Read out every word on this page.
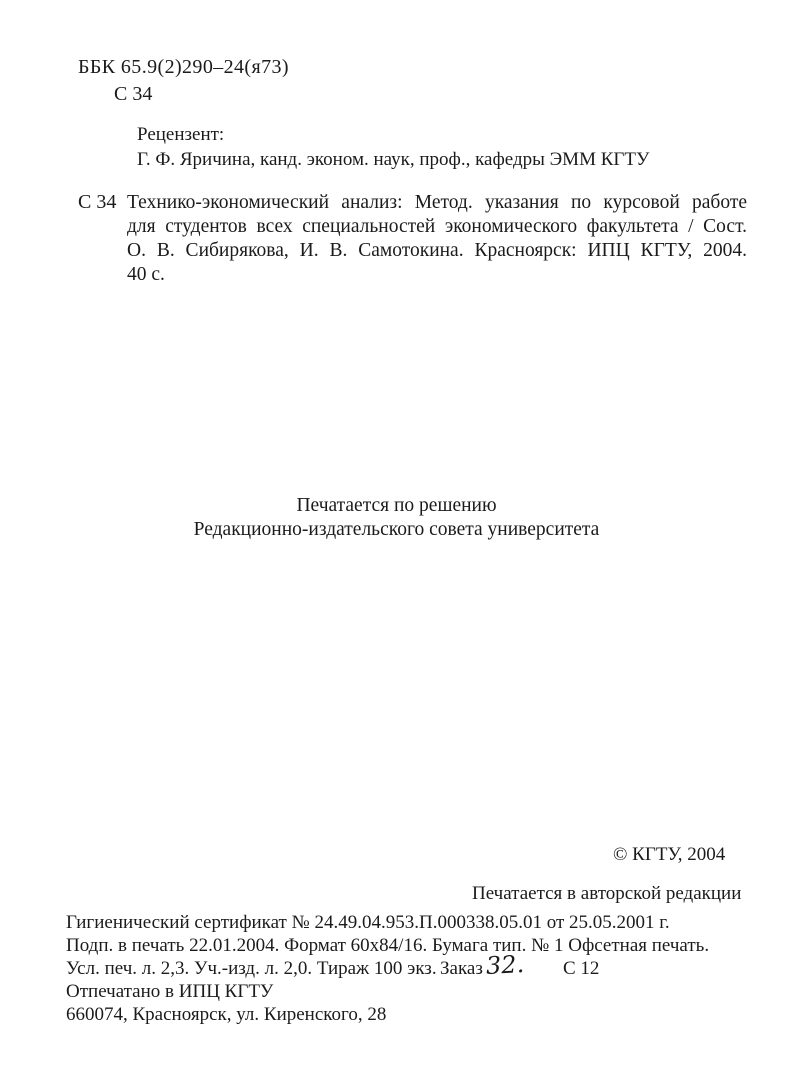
ББК 65.9(2)290–24(я73)
С 34
Рецензент:
Г. Ф. Яричина, канд. эконом. наук, проф., кафедры ЭММ КГТУ
С 34 Технико-экономический анализ: Метод. указания по курсовой работе
для студентов всех специальностей экономического факультета / Сост.
О. В. Сибирякова, И. В. Самотокина. Красноярск: ИПЦ КГТУ, 2004.
40 с.
Печатается по решению
Редакционно-издательского совета университета
© КГТУ, 2004
Печатается в авторской редакции
Гигиенический сертификат № 24.49.04.953.П.000338.05.01 от 25.05.2001 г.
Подп. в печать 22.01.2004. Формат 60х84/16. Бумага тип. № 1 Офсетная печать.
Усл. печ. л. 2,3. Уч.-изд. л. 2,0. Тираж 100 экз. Заказ 32. С 12
Отпечатано в ИПЦ КГТУ
660074, Красноярск, ул. Киренского, 28
